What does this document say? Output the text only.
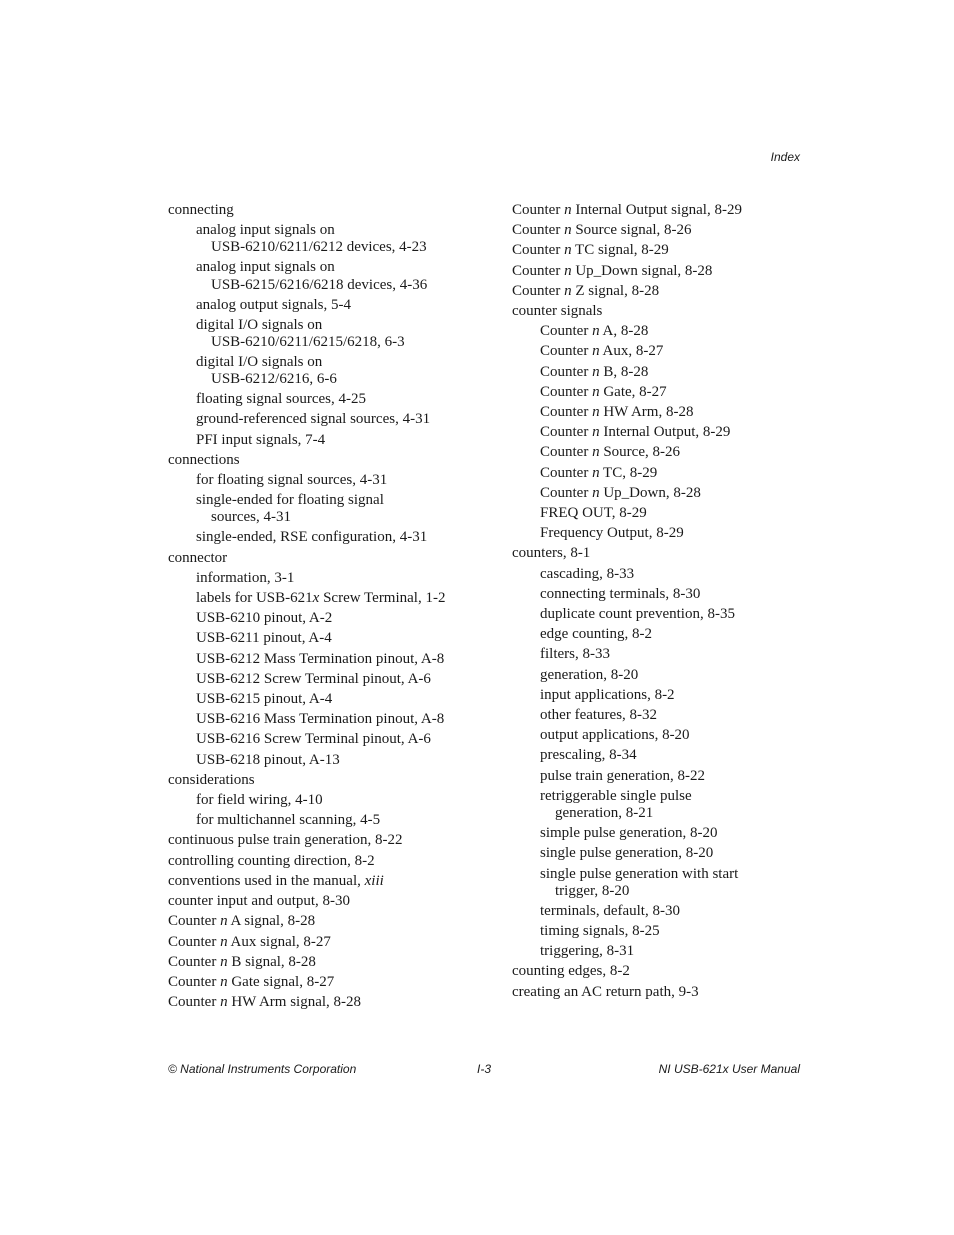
Index
connecting
analog input signals on
USB-6210/6211/6212 devices, 4-23
analog input signals on
USB-6215/6216/6218 devices, 4-36
analog output signals, 5-4
digital I/O signals on
USB-6210/6211/6215/6218, 6-3
digital I/O signals on
USB-6212/6216, 6-6
floating signal sources, 4-25
ground-referenced signal sources, 4-31
PFI input signals, 7-4
connections
for floating signal sources, 4-31
single-ended for floating signal
sources, 4-31
single-ended, RSE configuration, 4-31
connector
information, 3-1
labels for USB-621x Screw Terminal, 1-2
USB-6210 pinout, A-2
USB-6211 pinout, A-4
USB-6212 Mass Termination pinout, A-8
USB-6212 Screw Terminal pinout, A-6
USB-6215 pinout, A-4
USB-6216 Mass Termination pinout, A-8
USB-6216 Screw Terminal pinout, A-6
USB-6218 pinout, A-13
considerations
for field wiring, 4-10
for multichannel scanning, 4-5
continuous pulse train generation, 8-22
controlling counting direction, 8-2
conventions used in the manual, xiii
counter input and output, 8-30
Counter n A signal, 8-28
Counter n Aux signal, 8-27
Counter n B signal, 8-28
Counter n Gate signal, 8-27
Counter n HW Arm signal, 8-28
Counter n Internal Output signal, 8-29
Counter n Source signal, 8-26
Counter n TC signal, 8-29
Counter n Up_Down signal, 8-28
Counter n Z signal, 8-28
counter signals
Counter n A, 8-28
Counter n Aux, 8-27
Counter n B, 8-28
Counter n Gate, 8-27
Counter n HW Arm, 8-28
Counter n Internal Output, 8-29
Counter n Source, 8-26
Counter n TC, 8-29
Counter n Up_Down, 8-28
FREQ OUT, 8-29
Frequency Output, 8-29
counters, 8-1
cascading, 8-33
connecting terminals, 8-30
duplicate count prevention, 8-35
edge counting, 8-2
filters, 8-33
generation, 8-20
input applications, 8-2
other features, 8-32
output applications, 8-20
prescaling, 8-34
pulse train generation, 8-22
retriggerable single pulse
generation, 8-21
simple pulse generation, 8-20
single pulse generation, 8-20
single pulse generation with start
trigger, 8-20
terminals, default, 8-30
timing signals, 8-25
triggering, 8-31
counting edges, 8-2
creating an AC return path, 9-3
© National Instruments Corporation	I-3	NI USB-621x User Manual
